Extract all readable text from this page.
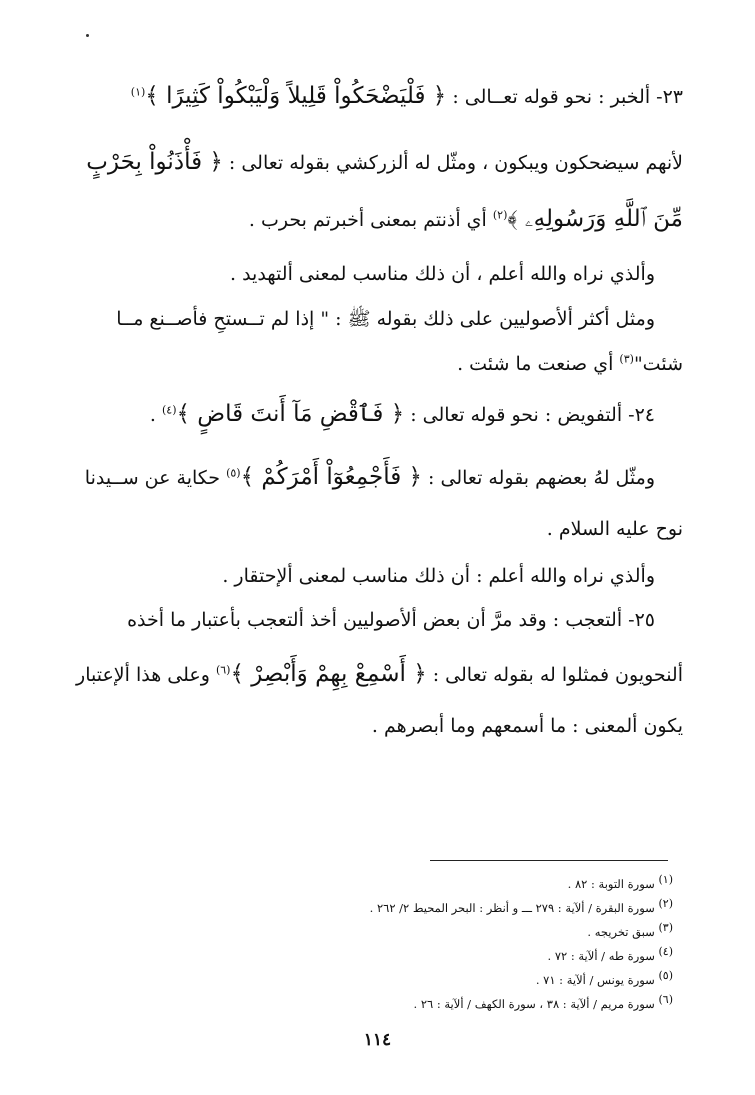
٢٣- ألخبر : نحو قوله تعــالى : ﴿ فَلْيَضْحَكُواْ قَلِيلاً وَلْيَبْكُواْ كَثِيرًا ﴾$^{(١)}$
لأنهم سيضحكون ويبكون ، ومثّل له ألزركشي بقوله تعالى : ﴿ فَأْذَنُواْ بِحَرْبٍ
مِّنَ ٱللَّهِ وَرَسُولِهِۦ ﴾$^{(٢)}$ أي أذنتم بمعنى أخبرتم بحرب .
وألذي نراه والله أعلم ، أن ذلك مناسب لمعنى ألتهديد .
ومثل أكثر ألأصوليين على ذلك بقوله ﷺ : " إذا لم تــستحِ فأصــنع مــا
شئت"$^{(٣)}$ أي صنعت ما شئت .
٢٤- ألتفويض : نحو قوله تعالى : ﴿ فَٱقْضِ مَآ أَنتَ قَاضٍ ﴾$^{(٤)}$ .
ومثّل لهُ بعضهم بقوله تعالى : ﴿ فَأَجْمِعُوٓاْ أَمْرَكُمْ ﴾$^{(٥)}$ حكاية عن ســيدنا
نوح عليه السلام .
وألذي نراه والله أعلم : أن ذلك مناسب لمعنى ألإحتقار .
٢٥- ألتعجب : وقد مرَّ أن بعض ألأصوليين أخذ ألتعجب بأعتبار ما أخذه
ألنحويون فمثلوا له بقوله تعالى : ﴿ أَسْمِعْ بِهِمْ وَأَبْصِرْ ﴾$^{(٦)}$ وعلى هذا ألإعتبار
يكون ألمعنى : ما أسمعهم وما أبصرهم .
$^{(١)}$ سورة التوبة : ٨٢ .
$^{(٢)}$ سورة البقرة / ألآية : ٢٧٩ ـــ و أنظر : البحر المحيط ٢/ ٢٦٢ .
$^{(٣)}$ سبق تخريجه .
$^{(٤)}$ سورة طه / ألآية : ٧٢ .
$^{(٥)}$ سورة يونس / ألآية : ٧١ .
$^{(٦)}$ سورة مريم / ألآية : ٣٨ ، سورة الكهف / ألآية : ٢٦ .
١١٤
